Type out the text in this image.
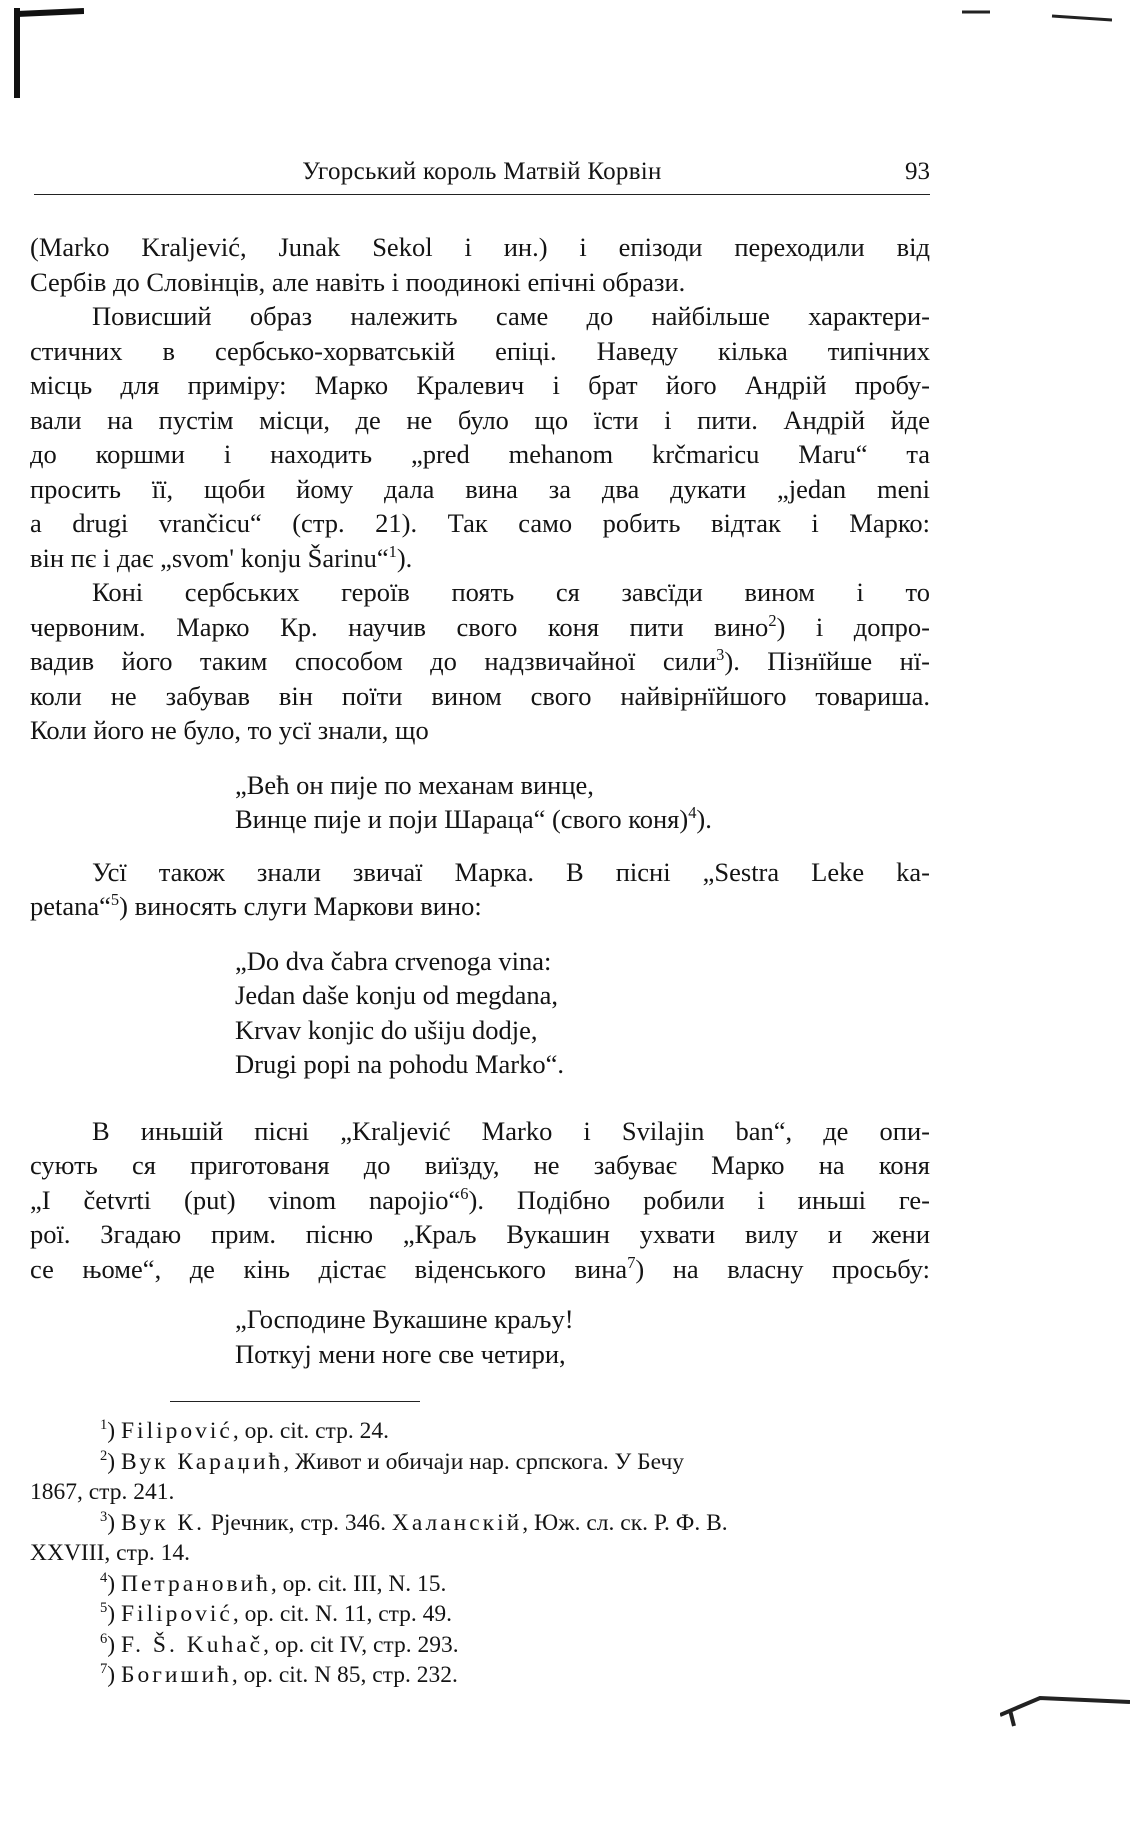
Угорський король Матвій Корвін	93
(Marko Kraljević, Junak Sekol і ин.) і епізоди переходили від
Сербів до Словінців, але навіть і поодинокі епічні образи.
Повисший образ належить саме до найбільше характери-
стичних в сербсько-хорватській епіці. Наведу кілька типічних
місць для приміру: Марко Кралевич і брат його Андрій пробу-
вали на пустім місци, де не було що їсти і пити. Андрій йде
до коршми і находить „pred mehanom krčmaricu Maru“ та
просить її, щоби йому дала вина за два дукати „jedan meni
a drugi vrančicu“ (стр. 21). Так само робить відтак і Марко:
він пє і дає „svom' konju Šarinu“$^1$).
Коні сербських героїв поять ся завсїди вином і то
червоним. Марко Кр. научив свого коня пити вино$^2$) і допро-
вадив його таким способом до надзвичайної сили$^3$). Пізнїйше нї-
коли не забував він поїти вином свого найвірнїйшого товариша.
Коли його не було, то усї знали, що
„Beћ он пије по механам винце,
Винце пије и поји Шараца“ (свого коня)$^4$).
Усї також знали звичаї Марка. В пісні „Sestra Leke ka-
petana“$^5$) виносять слуги Маркови вино:
„Do dva čabra crvenoga vina:
Jedan daše konju od megdana,
Krvav konjic do ušiju dodje,
Drugi popi na pohodu Marko“.
В иньшій пісні „Kraljević Marko i Svilajin ban“, де опи-
сують ся приготованя до виїзду, не забуває Марко на коня
„I četvrti (put) vinom napojio“$^6$). Подібно робили і иньші ге-
рої. Згадаю прим. пісню „Краљ Вукашин ухвати вилу и жени
се њоме“, де кінь дістає віденського вина$^7$) на власну просьбу:
„Господине Вукашине краљу!
Поткуј мени ноге све четири,
$^1$) Filipović, op. cit. стр. 24.
$^2$) Вук Караџић, Живот и обичаји нар. српскога. У Бечу
1867, стр. 241.
$^3$) Вук К. Рјечник, стр. 346. Халанскій, Юж. сл. ск. Р. Ф. В.
XXVIII, стр. 14.
$^4$) Петрановић, op. cit. III, N. 15.
$^5$) Filipović, op. cit. N. 11, стр. 49.
$^6$) F. Š. Kuhač, op. cit IV, стр. 293.
$^7$) Богишић, op. cit. N 85, стр. 232.
